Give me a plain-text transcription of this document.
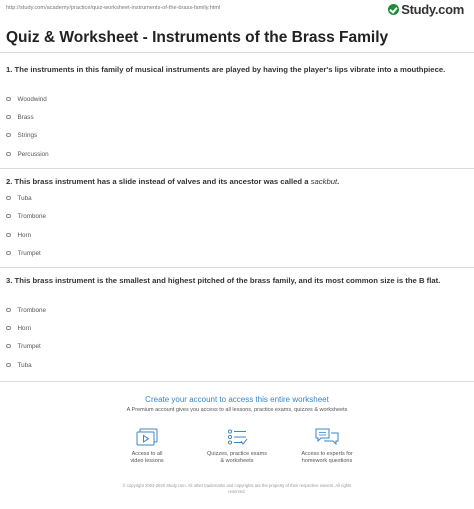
http://study.com/academy/practice/quiz-worksheet-instruments-of-the-brass-family.html	Study.com
Quiz & Worksheet - Instruments of the Brass Family
1. The instruments in this family of musical instruments are played by having the player's lips vibrate into a mouthpiece.
Woodwind
Brass
Strings
Percussion
2. This brass instrument has a slide instead of valves and its ancestor was called a sackbut.
Tuba
Trombone
Horn
Trumpet
3. This brass instrument is the smallest and highest pitched of the brass family, and its most common size is the B flat.
Trombone
Horn
Trumpet
Tuba
Create your account to access this entire worksheet
A Premium account gives you access to all lessons, practice exams, quizzes & worksheets
Access to all
video lessons
Quizzes, practice exams
& worksheets
Access to experts for
homework questions
© copyright 2003-2020 Study.com. All other trademarks and copyrights are the property of their respective owners. All rights
reserved.
